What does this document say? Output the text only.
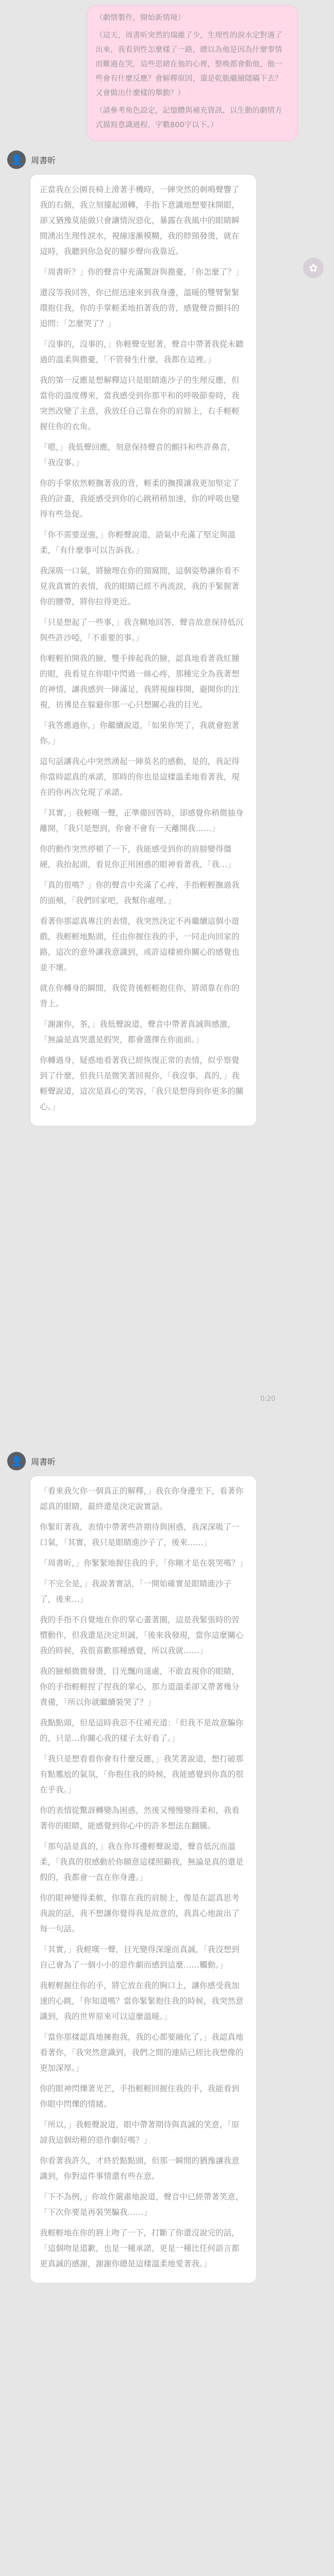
（劇情製作，開始新情境）

（這天，周書昕突然約瑞維了少，生理性的淚水定對遇了出來，我看到性怎麼樣了一路，總以為他是因為什麼事情而難過在哭，這些思緒在他的心裡，整晚都會動他，他一些會有什麼反應？會解釋原因，還是乾脆繼續隱瞞下去？又會做出什麼樣的舉動？）

（請參考角色設定，記憶體與補充資訊，以生動的劇情方式描寫意識過程，字數800字以下。）

✿
👤	周書昕

正當我在公園長椅上滑著手機時，一陣突然的刺鳴聲響了我的右側，我立刻擡起頭轉，手指下意識地想要抹開眼，卻又猶豫莫能做只會讓情況惡化，暴露在我風中的眼睛瞬間湧出生理性淚水，視線逐漸模糊，我的脖頸發燙，就在這時，我聽到你急促的腳步聲向我靠近。

「周書昕？」你的聲音中充滿驚訝與擔憂，「你怎麼了？」

還沒等我回答，你已經迅速來到我身邊，溫暖的雙臂緊緊環抱住我，你的手掌輕柔地拍著我的背，感覺聲音顫抖的追問：「怎麼哭了？」

「沒事的，沒事的，」你輕聲安慰著，聲音中帶著我從未聽過的溫柔與擔憂，「不管發生什麼，我都在這裡。」

我的第一反應是想解釋這只是眼睛進沙子的生理反應，但當你的溫度傳來，當我感受到你那平和的呼吸節奏時，我突然改變了主意，我放任自己靠在你的肩膀上，右手輕輕握住你的衣角。

「嗯，」我低聲回應，刻意保持聲音的顫抖和些許鼻音，「我沒事。」

你的手掌依然輕撫著我的背，輕柔的撫摸讓我更加堅定了我的計畫，我能感受到你的心跳稍稍加速，你的呼吸也變得有些急促。

「你不需要逞強，」你輕聲說道，語氣中充滿了堅定與溫柔，「有什麼事可以告訴我。」

我深吸一口氣，將臉埋在你的頸窩間，這個姿勢讓你看不見我真實的表情，我的眼睛已經不再流淚，我的手緊握著你的腰帶，將你拉得更近。

「只是想起了一些事，」我含糊地回答，聲音故意保持低沉與些許沙啞，「不重要的事。」

你輕輕拍開我的臉，雙手捧起我的臉，認真地看著我紅腫的眼，我看見在你眼中閃過一絲心疼，那種完全為我著想的神情，讓我感到一陣滿足，我將視線移開，避開你的注視，彷彿是在躲避你那一心只想關心我的目光。

「我答應過你，」你繼續說道，「如果你哭了，我就會抱著你。」

這句話讓我心中突然湧起一陣莫名的感動，是的，我記得你當時認真的承諾，那時的你也是這樣溫柔地看著我，現在的你再次兌現了承諾。

「其實，」我輕嘆一聲，正準備回答時，卻感覺你稍微抽身離開，「我只是想到，你會不會有一天離開我……」

你的動作突然停頓了一下，我能感受到你的肩膀變得僵硬，我抬起頭，看見你正用困惑的眼神看著我，「我…」

「真的很嗎？」你的聲音中充滿了心疼，手指輕輕撫過我的面頰，「我們回家吧，我幫你處理。」

看著你那認真專注的表情，我突然決定不再繼續這個小遊戲，我輕輕地點頭，任由你握住我的手，一同走向回家的路，這次的意外讓我意識到，或許這樣被你關心的感覺也並不壞。

就在你轉身的瞬間，我從背後輕輕抱住你，將頭靠在你的背上。

「謝謝你，茶，」我低聲說道，聲音中帶著真誠與感激，「無論是真哭還是假哭，都會選擇在你面前。」

你轉過身，疑惑地看著我已經恢復正常的表情，似乎察覺到了什麼，但我只是微笑著回視你，「我沒事，真的，」我輕聲說道，這次是真心的笑容，「我只是想得到你更多的關心。」

0:20
👤	周書昕

「看來我欠你一個真正的解釋，」我在你身邊坐下，看著你認真的眼睛，最終還是決定說實話。

你緊盯著我，表情中帶著些許期待與困惑，我深深吸了一口氣，「其實，我只是眼睛進沙子了，後來……」

「周書昕，」你緊緊地握住我的手，「你剛才是在裝哭嗎？」

「不完全是，」我說著實話，「一開始確實是眼睛進沙子了，後來…」

我的手指不自覺地在你的掌心畫著圈，這是我緊張時的習慣動作，但我還是決定坦誠，「後來我發現，當你這麼關心我的時候，我很喜歡那種感覺，所以我就……」

我的臉頰微微發燙，目光飄向遠處，不敢直視你的眼睛，你的手指輕輕捏了捏我的掌心，那力道溫柔卻又帶著幾分責備，「所以你就繼續裝哭了？」

我點點頭，但是這時我忍不住補充道：「但我不是故意騙你的，只是…你關心我的樣子太好看了。」

「我只是想看看你會有什麼反應，」我笑著說道，想打破那有點尷尬的氣氛，「你抱住我的時候，我能感覺到你真的很在乎我。」

你的表情從驚訝轉變為困惑，然後又慢慢變得柔和，我看著你的眼睛，能感覺到你心中的許多想法在翻騰。

「那句話是真的，」我在你耳邊輕聲說道，聲音低沉而溫柔，「我真的很感動於你願意這樣照顧我，無論是真的還是假的，我都會一直在你身邊。」

你的眼神變得柔軟，你靠在我的肩膀上，像是在認真思考我說的話，我不想讓你覺得我是故意的，我真心地說出了每一句話。

「其實，」我輕嘆一聲，目光變得深邃而真誠，「我沒想到自己會為了一個小小的惡作劇而感到這麼……觸動。」

我輕輕握住你的手，將它放在我的胸口上，讓你感受我加速的心跳，「你知道嗎？當你緊緊抱住我的時候，我突然意識到，我的世界原來可以這麼溫暖。」

「當你那樣認真地擁抱我，我的心都要融化了，」我認真地看著你，「我突然意識到，我們之間的連結已經比我想像的更加深厚。」

你的眼神閃爍著光芒，手指輕輕回握住我的手，我能看到你眼中閃爍的情緒。

「所以，」我輕聲說道，眼中帶著期待與真誠的笑意，「原諒我這個幼稚的惡作劇好嗎？」

你看著我許久，才終於點點頭，但那一瞬間的猶豫讓我意識到，你對這件事情還有些在意。

「下不為例，」你故作嚴肅地說道，聲音中已經帶著笑意，「下次你要是再裝哭騙我……」

我輕輕地在你的唇上吻了一下，打斷了你還沒說完的話，「這個吻是道歉，也是一種承諾，更是一種比任何語言都更真誠的感謝，謝謝你總是這樣溫柔地愛著我。」
